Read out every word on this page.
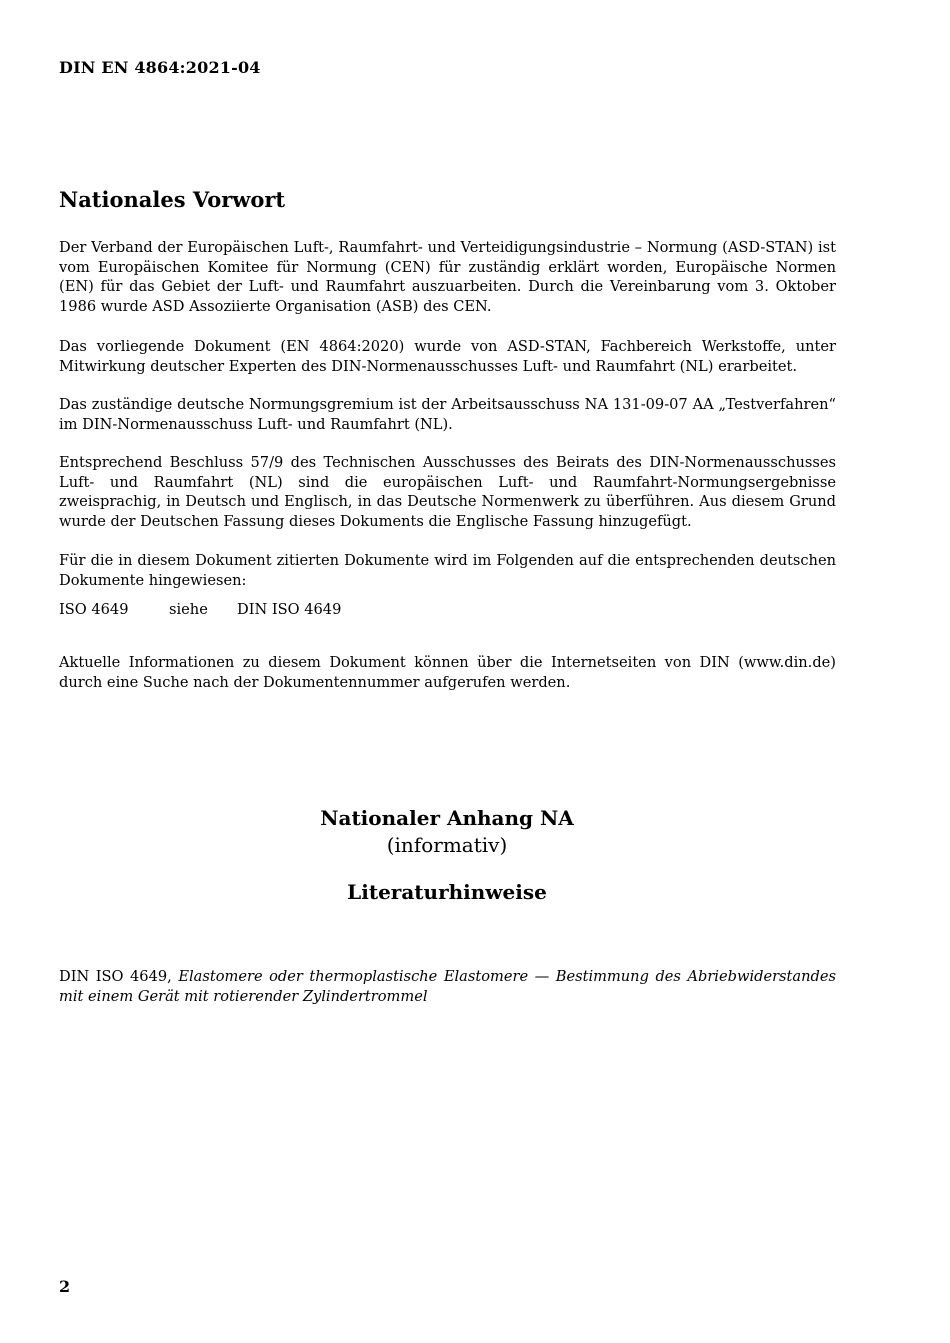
DIN EN 4864:2021-04
Nationales Vorwort
Der Verband der Europäischen Luft-, Raumfahrt- und Verteidigungsindustrie – Normung (ASD-STAN) ist vom Europäischen Komitee für Normung (CEN) für zuständig erklärt worden, Europäische Normen (EN) für das Gebiet der Luft- und Raumfahrt auszuarbeiten. Durch die Vereinbarung vom 3. Oktober 1986 wurde ASD Assoziierte Organisation (ASB) des CEN.
Das vorliegende Dokument (EN 4864:2020) wurde von ASD-STAN, Fachbereich Werkstoffe, unter Mitwirkung deutscher Experten des DIN-Normenausschusses Luft- und Raumfahrt (NL) erarbeitet.
Das zuständige deutsche Normungsgremium ist der Arbeitsausschuss NA 131-09-07 AA „Testverfahren“ im DIN-Normenausschuss Luft- und Raumfahrt (NL).
Entsprechend Beschluss 57/9 des Technischen Ausschusses des Beirats des DIN-Normenausschusses Luft- und Raumfahrt (NL) sind die europäischen Luft- und Raumfahrt-Normungsergebnisse zweisprachig, in Deutsch und Englisch, in das Deutsche Normenwerk zu überführen. Aus diesem Grund wurde der Deutschen Fassung dieses Dokuments die Englische Fassung hinzugefügt.
Für die in diesem Dokument zitierten Dokumente wird im Folgenden auf die entsprechenden deutschen Dokumente hingewiesen:
ISO 4649	siehe DIN ISO 4649
Aktuelle Informationen zu diesem Dokument können über die Internetseiten von DIN (www.din.de) durch eine Suche nach der Dokumentennummer aufgerufen werden.
Nationaler Anhang NA
(informativ)
Literaturhinweise
DIN ISO 4649, Elastomere oder thermoplastische Elastomere — Bestimmung des Abriebwiderstandes mit einem Gerät mit rotierender Zylindertrommel
2
